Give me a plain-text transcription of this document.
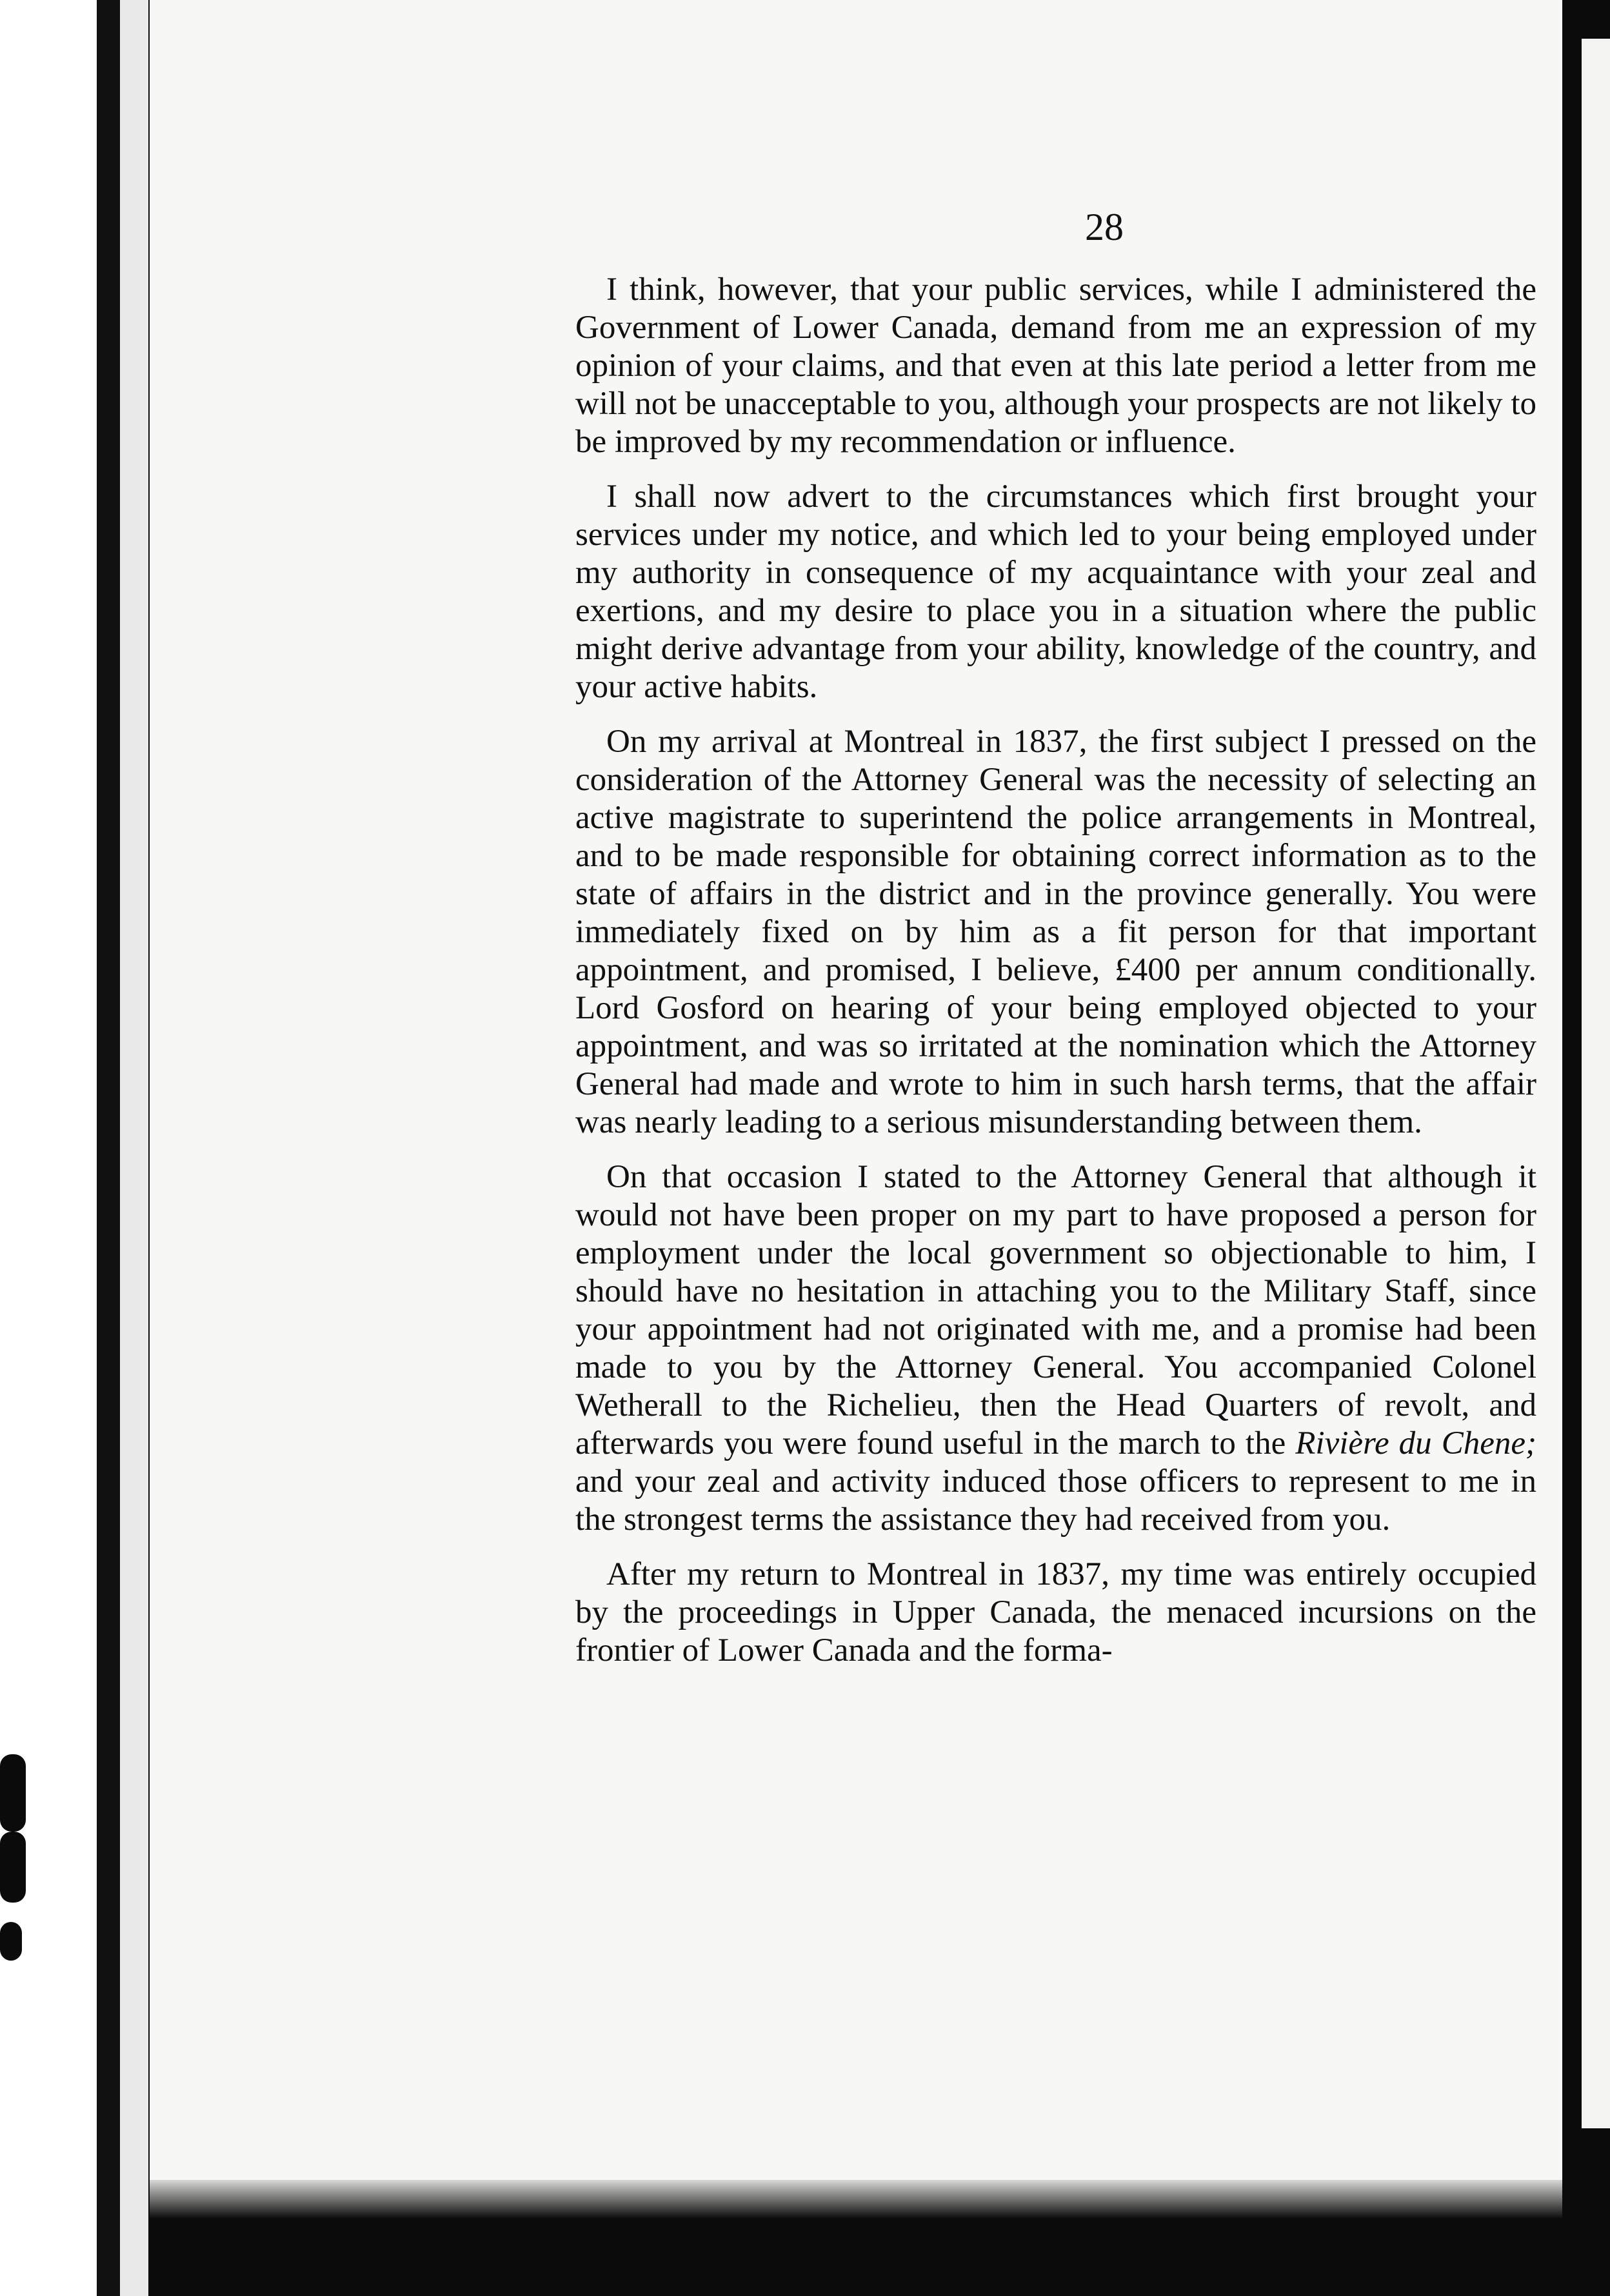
28

I think, however, that your public services, while I administered the Government of Lower Canada, demand from me an expression of my opinion of your claims, and that even at this late period a letter from me will not be unacceptable to you, although your prospects are not likely to be improved by my recommendation or influence.

I shall now advert to the circumstances which first brought your services under my notice, and which led to your being employed under my authority in consequence of my acquaintance with your zeal and exertions, and my desire to place you in a situation where the public might derive advantage from your ability, knowledge of the country, and your active habits.

On my arrival at Montreal in 1837, the first subject I pressed on the consideration of the Attorney General was the necessity of selecting an active magistrate to superintend the police arrangements in Montreal, and to be made responsible for obtaining correct information as to the state of affairs in the district and in the province generally. You were immediately fixed on by him as a fit person for that important appointment, and promised, I believe, £400 per annum conditionally. Lord Gosford on hearing of your being employed objected to your appointment, and was so irritated at the nomination which the Attorney General had made and wrote to him in such harsh terms, that the affair was nearly leading to a serious misunderstanding between them.

On that occasion I stated to the Attorney General that although it would not have been proper on my part to have proposed a person for employment under the local government so objectionable to him, I should have no hesitation in attaching you to the Military Staff, since your appointment had not originated with me, and a promise had been made to you by the Attorney General. You accompanied Colonel Wetherall to the Richelieu, then the Head Quarters of revolt, and afterwards you were found useful in the march to the Rivière du Chene; and your zeal and activity induced those officers to represent to me in the strongest terms the assistance they had received from you.

After my return to Montreal in 1837, my time was entirely occupied by the proceedings in Upper Canada, the menaced incursions on the frontier of Lower Canada and the forma-
